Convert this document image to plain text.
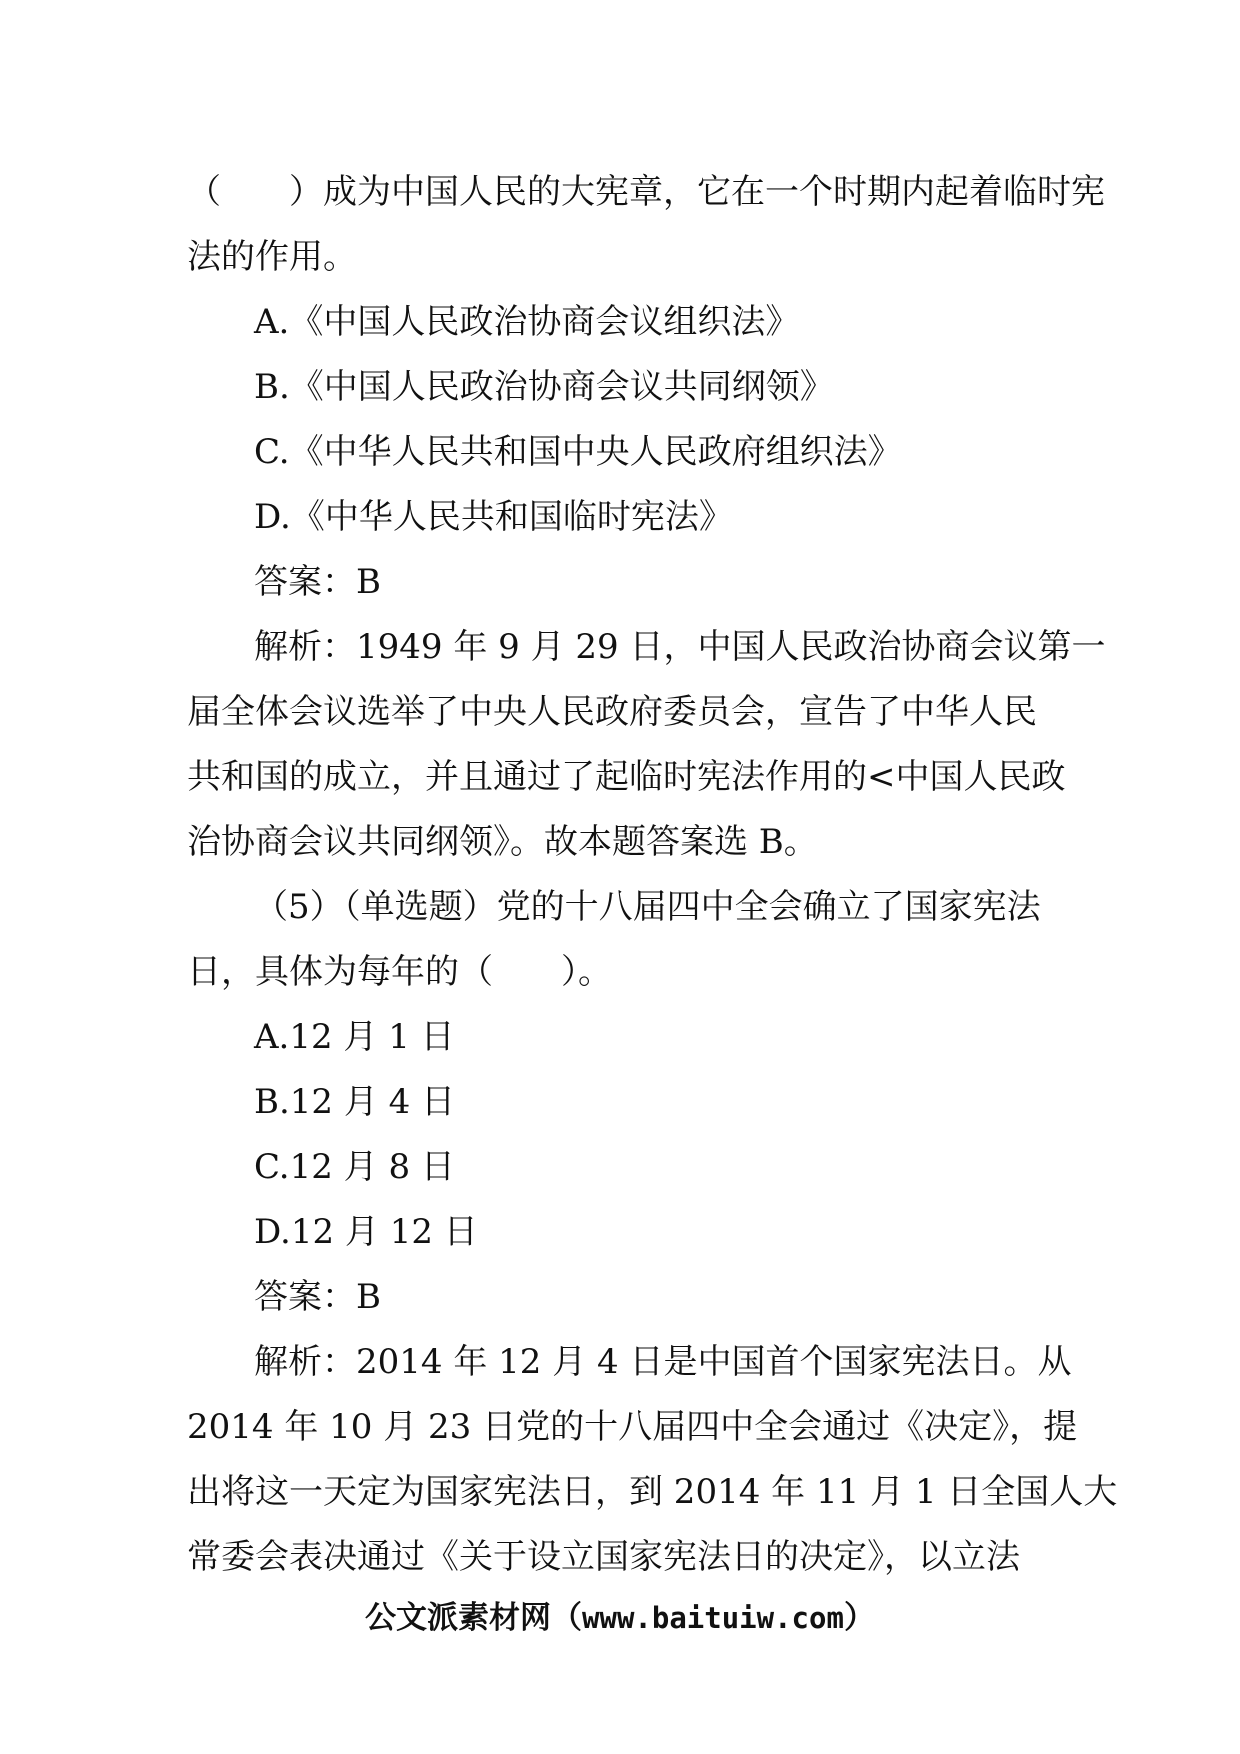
（　　）成为中国人民的大宪章，它在一个时期内起着临时宪
法的作用。
A.《中国人民政治协商会议组织法》
B.《中国人民政治协商会议共同纲领》
C.《中华人民共和国中央人民政府组织法》
D.《中华人民共和国临时宪法》
答案：B
解析：1949 年 9 月 29 日，中国人民政治协商会议第一
届全体会议选举了中央人民政府委员会，宣告了中华人民
共和国的成立，并且通过了起临时宪法作用的<中国人民政
治协商会议共同纲领》。故本题答案选 B。
（5）（单选题）党的十八届四中全会确立了国家宪法
日，具体为每年的（　　）。
A.12 月 1 日
B.12 月 4 日
C.12 月 8 日
D.12 月 12 日
答案：B
解析：2014 年 12 月 4 日是中国首个国家宪法日。从
2014 年 10 月 23 日党的十八届四中全会通过《决定》，提
出将这一天定为国家宪法日，到 2014 年 11 月 1 日全国人大
常委会表决通过《关于设立国家宪法日的决定》，以立法
公文派素材网（www.baituiw.com）
